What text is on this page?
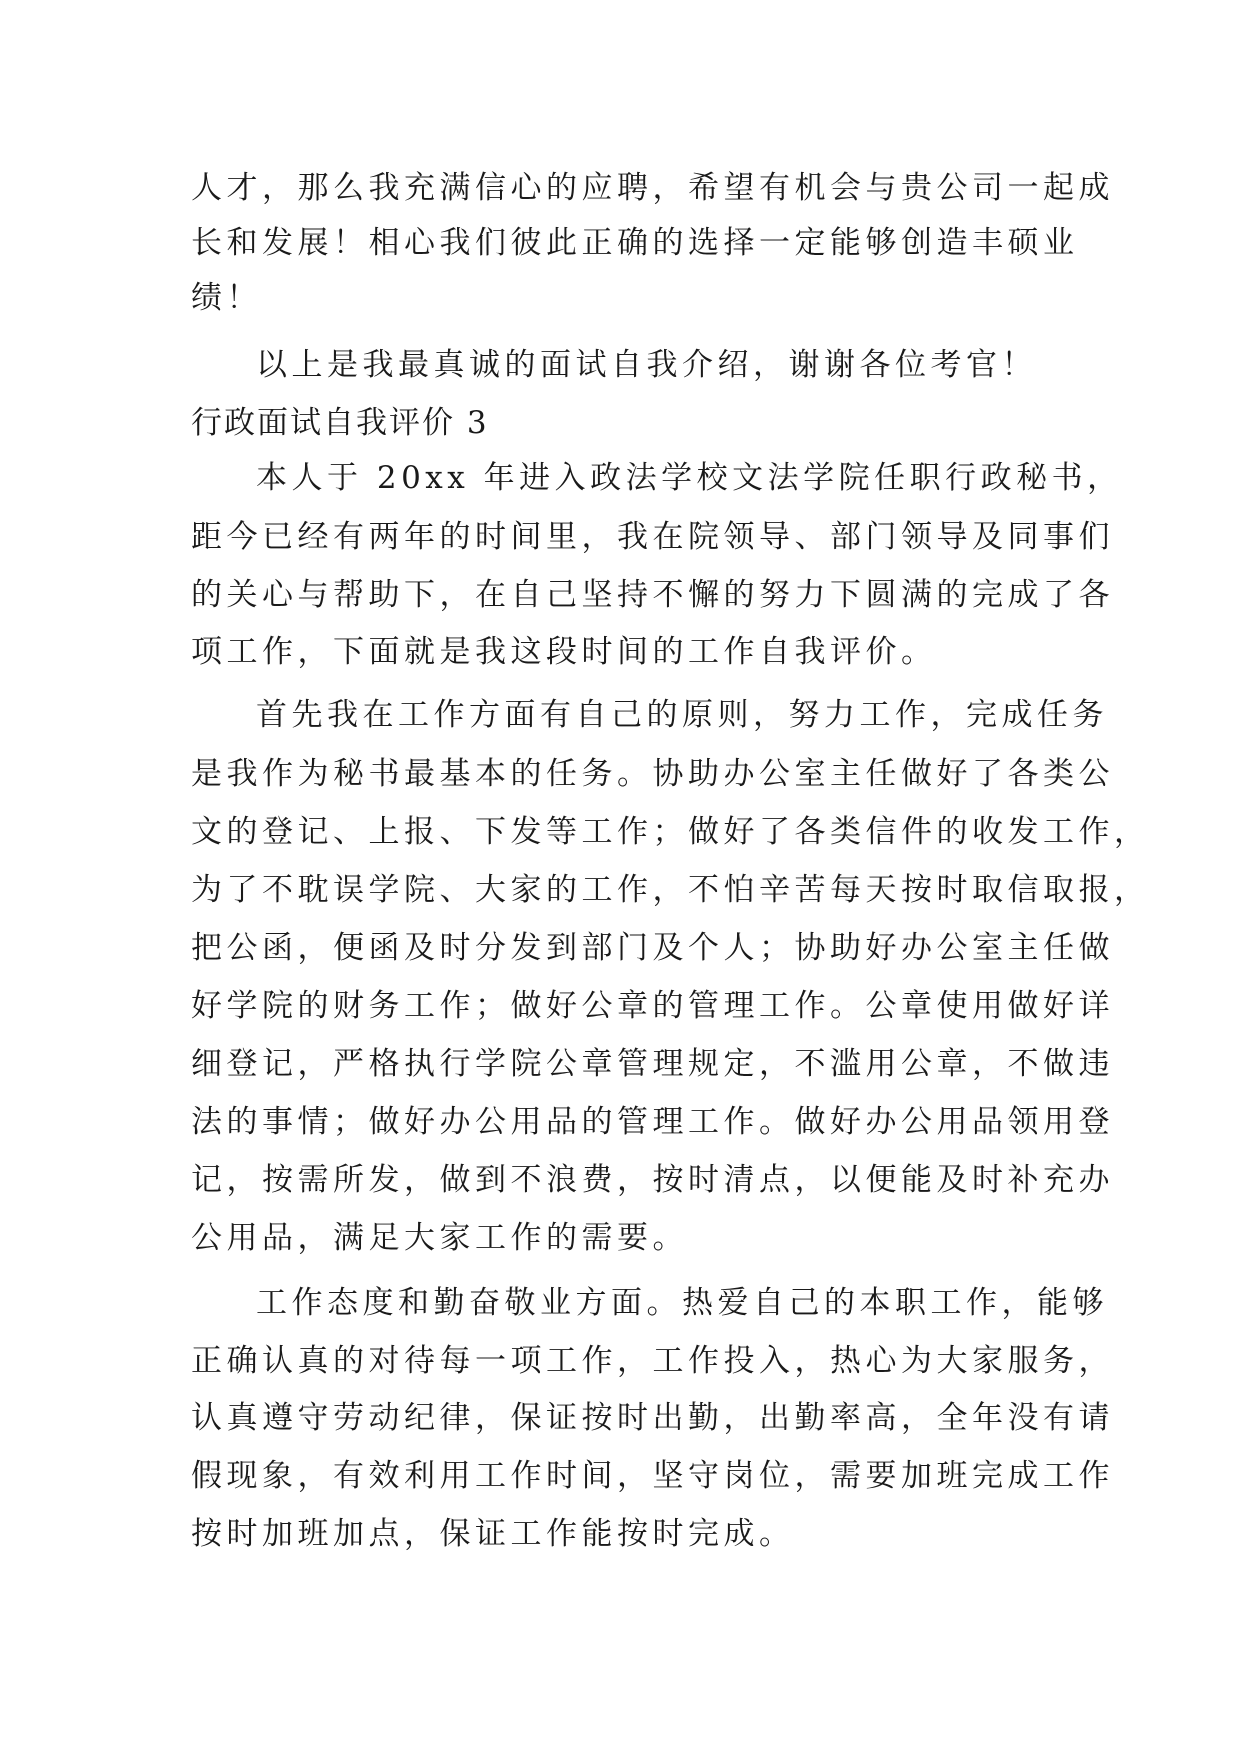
人才，那么我充满信心的应聘，希望有机会与贵公司一起成
长和发展！相心我们彼此正确的选择一定能够创造丰硕业
绩！
以上是我最真诚的面试自我介绍，谢谢各位考官！
行政面试自我评价 3
本人于 20xx 年进入政法学校文法学院任职行政秘书，
距今已经有两年的时间里，我在院领导、部门领导及同事们
的关心与帮助下，在自己坚持不懈的努力下圆满的完成了各
项工作，下面就是我这段时间的工作自我评价。
首先我在工作方面有自己的原则，努力工作，完成任务
是我作为秘书最基本的任务。协助办公室主任做好了各类公
文的登记、上报、下发等工作；做好了各类信件的收发工作，
为了不耽误学院、大家的工作，不怕辛苦每天按时取信取报，
把公函，便函及时分发到部门及个人；协助好办公室主任做
好学院的财务工作；做好公章的管理工作。公章使用做好详
细登记，严格执行学院公章管理规定，不滥用公章，不做违
法的事情；做好办公用品的管理工作。做好办公用品领用登
记，按需所发，做到不浪费，按时清点，以便能及时补充办
公用品，满足大家工作的需要。
工作态度和勤奋敬业方面。热爱自己的本职工作，能够
正确认真的对待每一项工作，工作投入，热心为大家服务，
认真遵守劳动纪律，保证按时出勤，出勤率高，全年没有请
假现象，有效利用工作时间，坚守岗位，需要加班完成工作
按时加班加点，保证工作能按时完成。
